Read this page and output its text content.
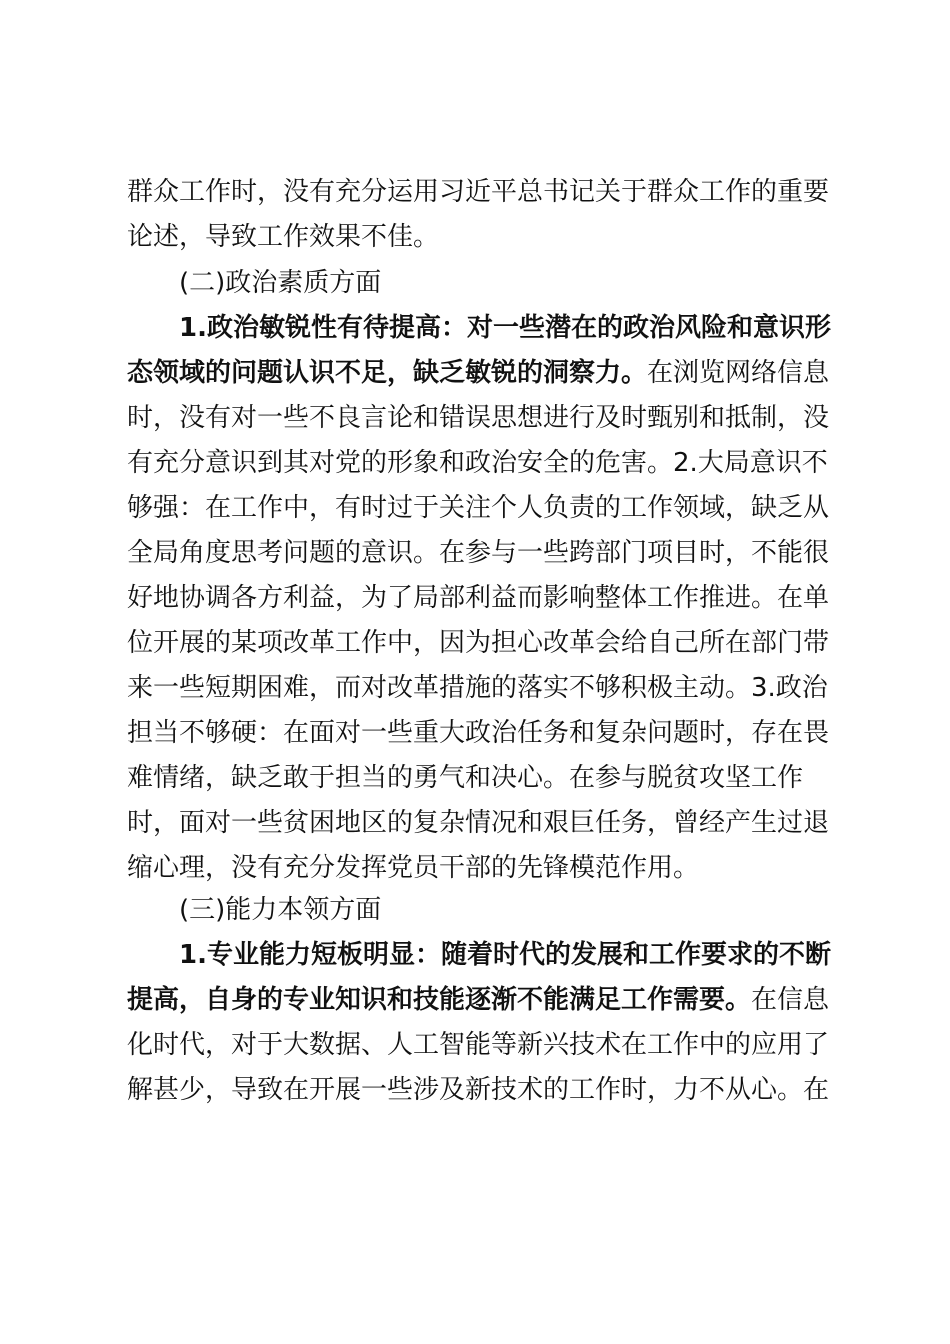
群众工作时，没有充分运用习近平总书记关于群众工作的重要
论述，导致工作效果不佳。
(二)政治素质方面
1.政治敏锐性有待提高：对一些潜在的政治风险和意识形
态领域的问题认识不足，缺乏敏锐的洞察力。在浏览网络信息
时，没有对一些不良言论和错误思想进行及时甄别和抵制，没
有充分意识到其对党的形象和政治安全的危害。2.大局意识不
够强：在工作中，有时过于关注个人负责的工作领域，缺乏从
全局角度思考问题的意识。在参与一些跨部门项目时，不能很
好地协调各方利益，为了局部利益而影响整体工作推进。在单
位开展的某项改革工作中，因为担心改革会给自己所在部门带
来一些短期困难，而对改革措施的落实不够积极主动。3.政治
担当不够硬：在面对一些重大政治任务和复杂问题时，存在畏
难情绪，缺乏敢于担当的勇气和决心。在参与脱贫攻坚工作
时，面对一些贫困地区的复杂情况和艰巨任务，曾经产生过退
缩心理，没有充分发挥党员干部的先锋模范作用。
(三)能力本领方面
1.专业能力短板明显：随着时代的发展和工作要求的不断
提高，自身的专业知识和技能逐渐不能满足工作需要。在信息
化时代，对于大数据、人工智能等新兴技术在工作中的应用了
解甚少，导致在开展一些涉及新技术的工作时，力不从心。在
